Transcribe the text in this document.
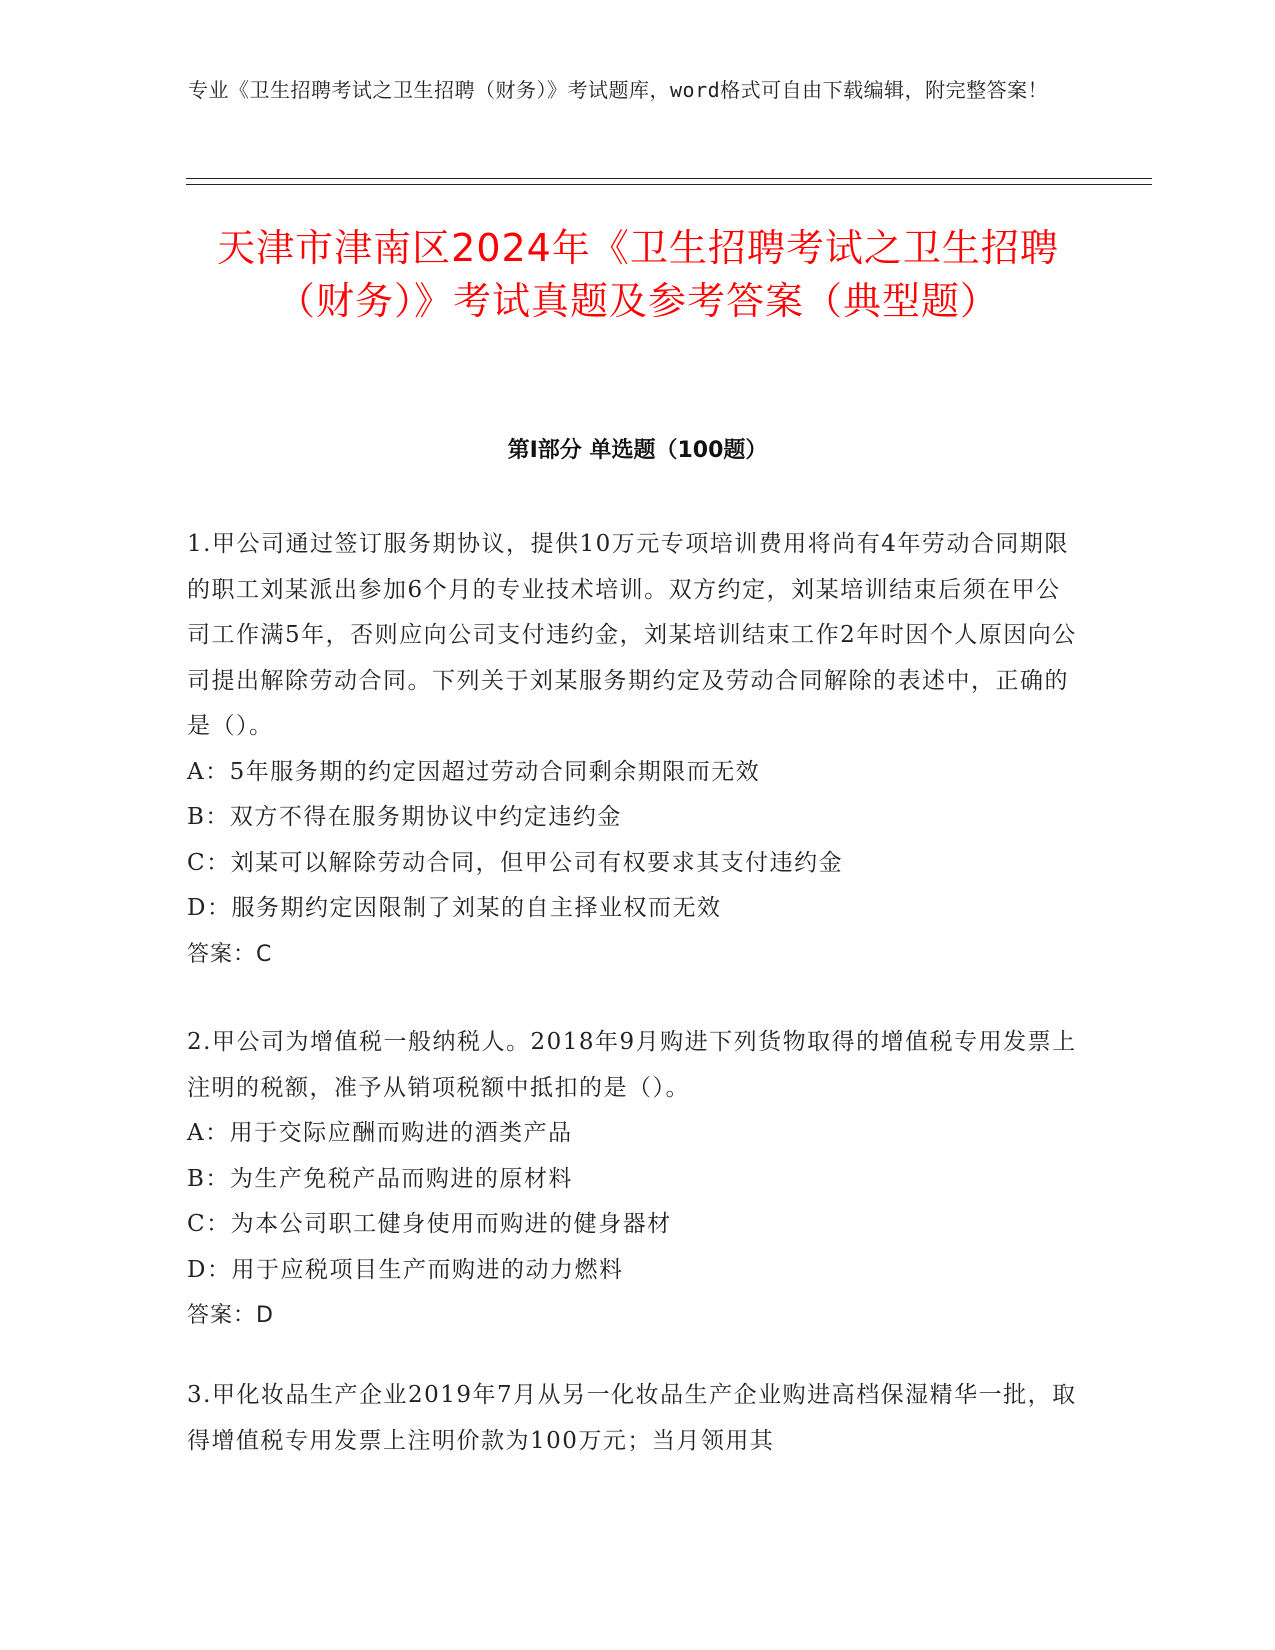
专业《卫生招聘考试之卫生招聘（财务）》考试题库，word格式可自由下载编辑，附完整答案！
天津市津南区2024年《卫生招聘考试之卫生招聘（财务）》考试真题及参考答案（典型题）
第Ⅰ部分 单选题（100题）
1.甲公司通过签订服务期协议，提供10万元专项培训费用将尚有4年劳动合同期限的职工刘某派出参加6个月的专业技术培训。双方约定，刘某培训结束后须在甲公司工作满5年，否则应向公司支付违约金，刘某培训结束工作2年时因个人原因向公司提出解除劳动合同。下列关于刘某服务期约定及劳动合同解除的表述中，正确的是（）。
A：5年服务期的约定因超过劳动合同剩余期限而无效
B：双方不得在服务期协议中约定违约金
C：刘某可以解除劳动合同，但甲公司有权要求其支付违约金
D：服务期约定因限制了刘某的自主择业权而无效
答案：C
2.甲公司为增值税一般纳税人。2018年9月购进下列货物取得的增值税专用发票上注明的税额，准予从销项税额中抵扣的是（）。
A：用于交际应酬而购进的酒类产品
B：为生产免税产品而购进的原材料
C：为本公司职工健身使用而购进的健身器材
D：用于应税项目生产而购进的动力燃料
答案：D
3.甲化妆品生产企业2019年7月从另一化妆品生产企业购进高档保湿精华一批，取得增值税专用发票上注明价款为100万元；当月领用其
